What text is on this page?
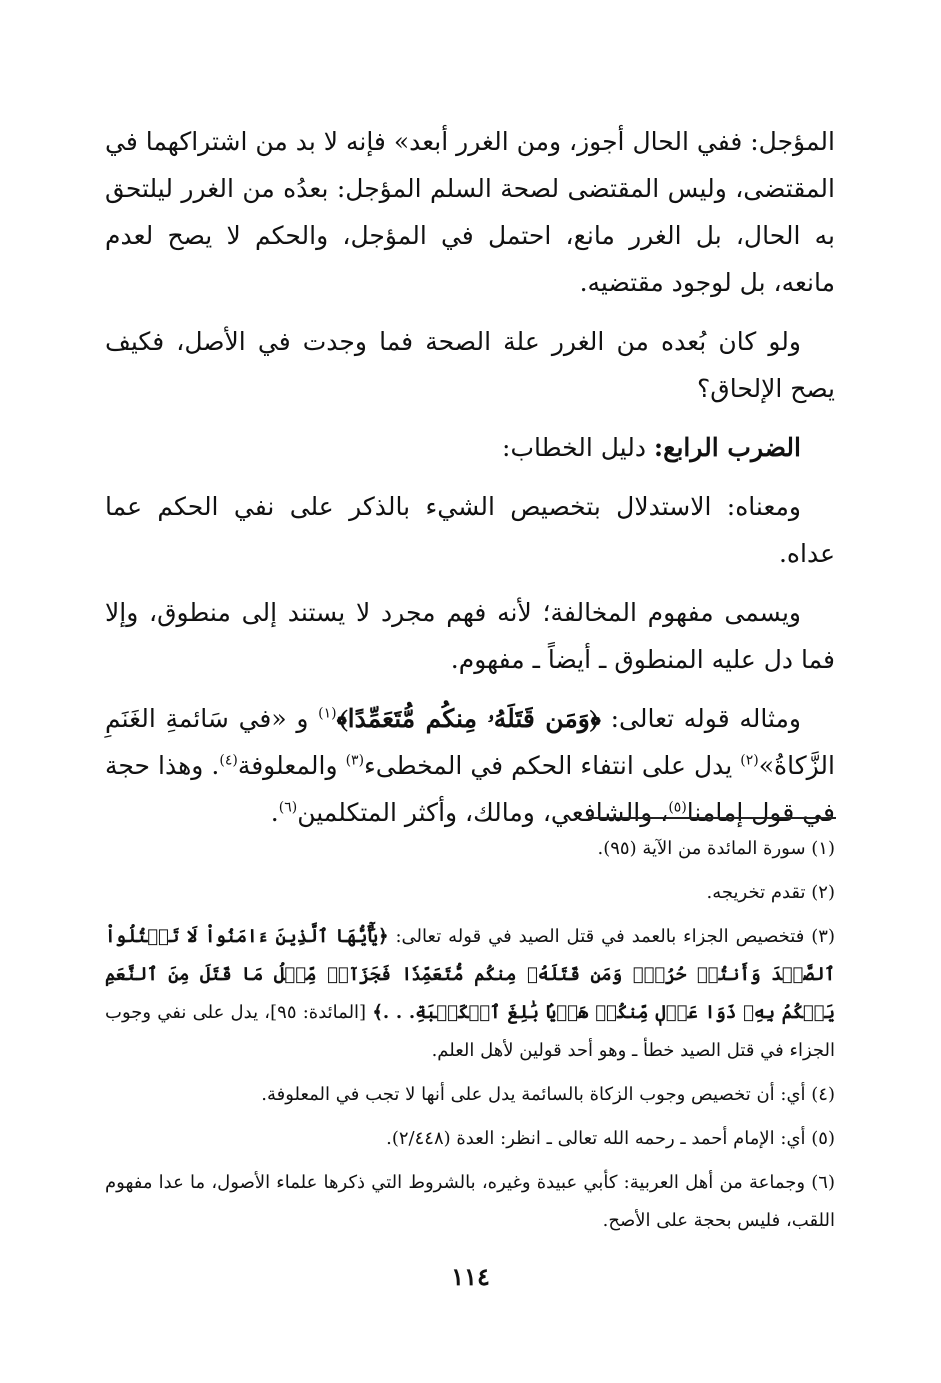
المؤجل: ففي الحال أجوز، ومن الغرر أبعد» فإنه لا بد من اشتراكهما في المقتضى، وليس المقتضى لصحة السلم المؤجل: بعدُه من الغرر ليلتحق به الحال، بل الغرر مانع، احتمل في المؤجل، والحكم لا يصح لعدم مانعه، بل لوجود مقتضيه.

ولو كان بُعده من الغرر علة الصحة فما وجدت في الأصل، فكيف يصح الإلحاق؟

الضرب الرابع: دليل الخطاب:

ومعناه: الاستدلال بتخصيص الشيء بالذكر على نفي الحكم عما عداه.

ويسمى مفهوم المخالفة؛ لأنه فهم مجرد لا يستند إلى منطوق، وإلا فما دل عليه المنطوق ـ أيضاً ـ مفهوم.

ومثاله قوله تعالى: ﴿وَمَن قَتَلَهُۥ مِنكُم مُّتَعَمِّدًا﴾$^{(١)}$ و «في سَائمةِ الغَنَمِ الزَّكاةُ»$^{(٢)}$ يدل على انتفاء الحكم في المخطىء$^{(٣)}$ والمعلوفة$^{(٤)}$. وهذا حجة في قول إمامنا$^{(٥)}$، والشافعي، ومالك، وأكثر المتكلمين$^{(٦)}$.

(١) سورة المائدة من الآية (٩٥).

(٢) تقدم تخريجه.

(٣) فتخصيص الجزاء بالعمد في قتل الصيد في قوله تعالى: ﴿يَٰٓأَيُّهَا ٱلَّذِينَ ءَامَنُواْ لَا تَقۡتُلُواْ ٱلصَّيۡدَ وَأَنتُمۡ حُرُمٞۚ وَمَن قَتَلَهُۥ مِنكُم مُّتَعَمِّدٗا فَجَزَآءٞ مِّثۡلُ مَا قَتَلَ مِنَ ٱلنَّعَمِ يَحۡكُمُ بِهِۦ ذَوَا عَدۡلٖ مِّنكُمۡ هَدۡيَۢا بَٰلِغَ ٱلۡكَعۡبَةِ. . .﴾ [المائدة: ٩٥]، يدل على نفي وجوب الجزاء في قتل الصيد خطأ ـ وهو أحد قولين لأهل العلم.

(٤) أي: أن تخصيص وجوب الزكاة بالسائمة يدل على أنها لا تجب في المعلوفة.

(٥) أي: الإمام أحمد ـ رحمه الله تعالى ـ انظر: العدة (٢/٤٤٨).

(٦) وجماعة من أهل العربية: كأبي عبيدة وغيره، بالشروط التي ذكرها علماء الأصول، ما عدا مفهوم اللقب، فليس بحجة على الأصح.

١١٤
